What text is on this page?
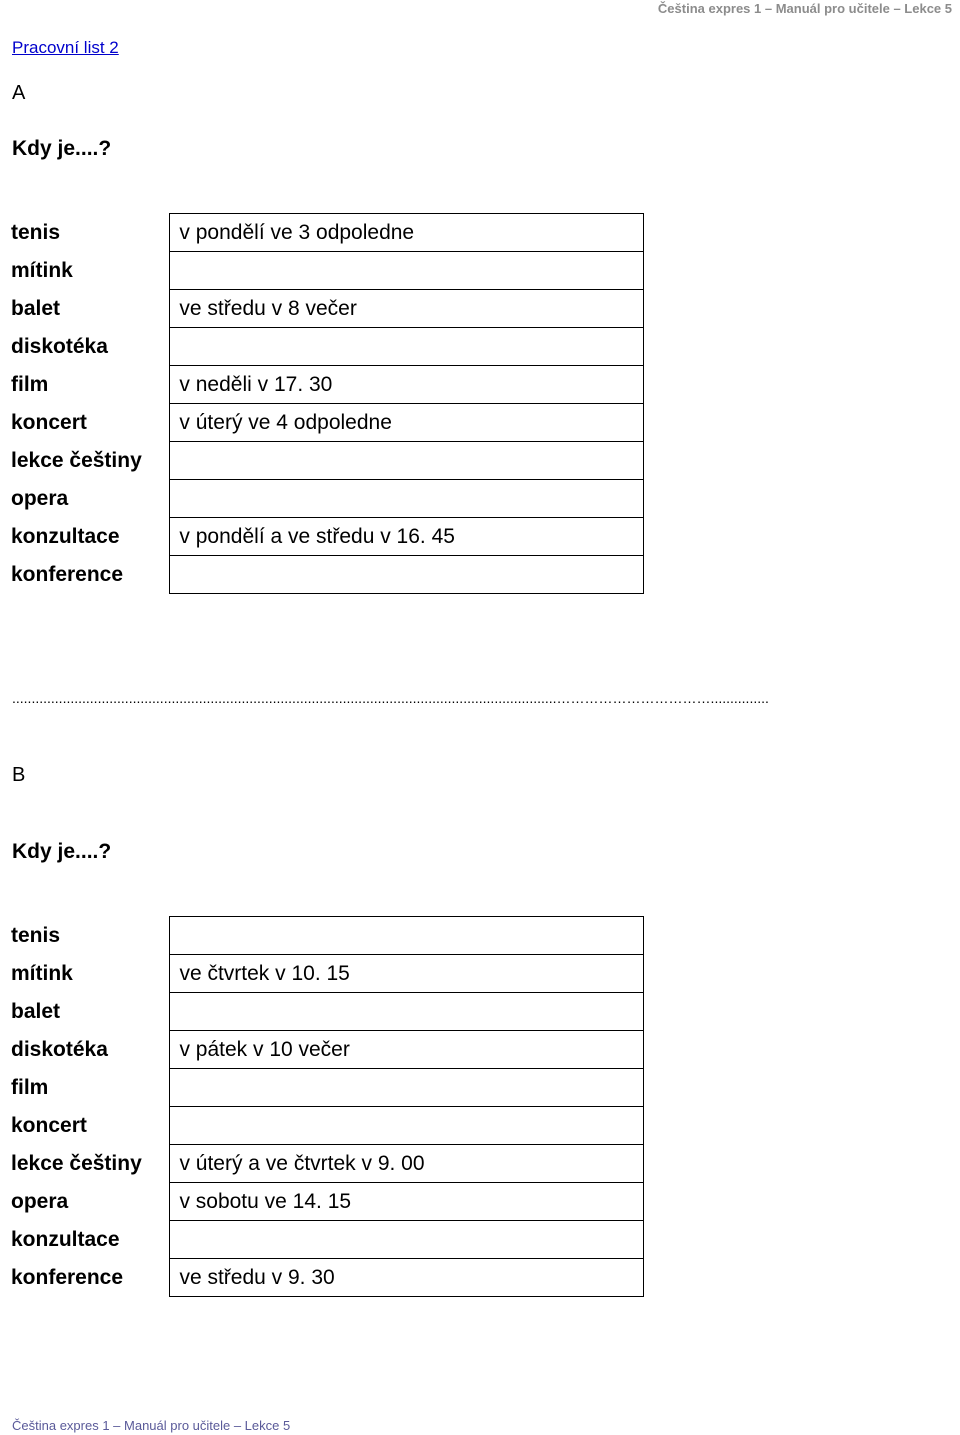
Čeština expres 1 – Manuál pro učitele – Lekce 5
Pracovní list 2
A
Kdy je....?
tenis	v pondělí ve 3 odpoledne
mítink	
balet	ve středu v 8 večer
diskotéka	
film	v neděli v 17. 30
koncert	v úterý ve 4 odpoledne
lekce češtiny	
opera	
konzultace	v pondělí a ve středu v 16. 45
konference	
............................................................................................................................................……………………………...............
B
Kdy je....?
tenis	
mítink	ve čtvrtek v 10. 15
balet	
diskotéka	v pátek v 10 večer
film	
koncert	
lekce češtiny	v úterý a ve čtvrtek v 9. 00
opera	v sobotu ve 14. 15
konzultace	
konference	ve středu v 9. 30
Čeština expres 1 – Manuál pro učitele – Lekce 5
